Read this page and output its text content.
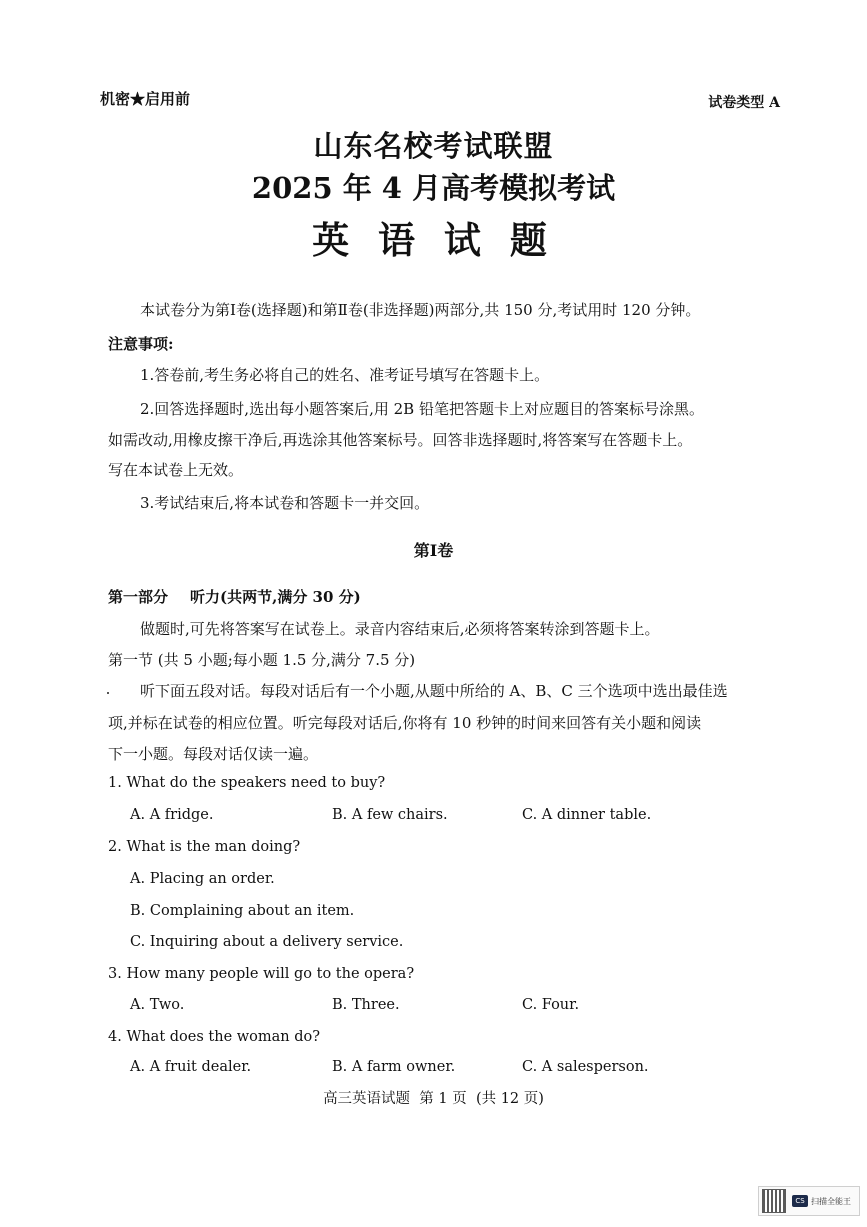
机密★启用前	试卷类型 A
山东名校考试联盟
2025 年 4 月高考模拟考试
英 语 试 题
本试卷分为第Ⅰ卷(选择题)和第Ⅱ卷(非选择题)两部分,共 150 分,考试用时 120 分钟。
注意事项:
1.答卷前,考生务必将自己的姓名、准考证号填写在答题卡上。
2.回答选择题时,选出每小题答案后,用 2B 铅笔把答题卡上对应题目的答案标号涂黑。
如需改动,用橡皮擦干净后,再选涂其他答案标号。回答非选择题时,将答案写在答题卡上。
写在本试卷上无效。
3.考试结束后,将本试卷和答题卡一并交回。
第Ⅰ卷
第一部分 听力(共两节,满分 30 分)
做题时,可先将答案写在试卷上。录音内容结束后,必须将答案转涂到答题卡上。
第一节 (共 5 小题;每小题 1.5 分,满分 7.5 分)
听下面五段对话。每段对话后有一个小题,从题中所给的 A、B、C 三个选项中选出最佳选
项,并标在试卷的相应位置。听完每段对话后,你将有 10 秒钟的时间来回答有关小题和阅读
下一小题。每段对话仅读一遍。
1. What do the speakers need to buy?
A. A fridge.	B. A few chairs.	C. A dinner table.
2. What is the man doing?
A. Placing an order.
B. Complaining about an item.
C. Inquiring about a delivery service.
3. How many people will go to the opera?
A. Two.	B. Three.	C. Four.
4. What does the woman do?
A. A fruit dealer.	B. A farm owner.	C. A salesperson.
高三英语试题  第 1 页  (共 12 页)
CS 扫描全能王
